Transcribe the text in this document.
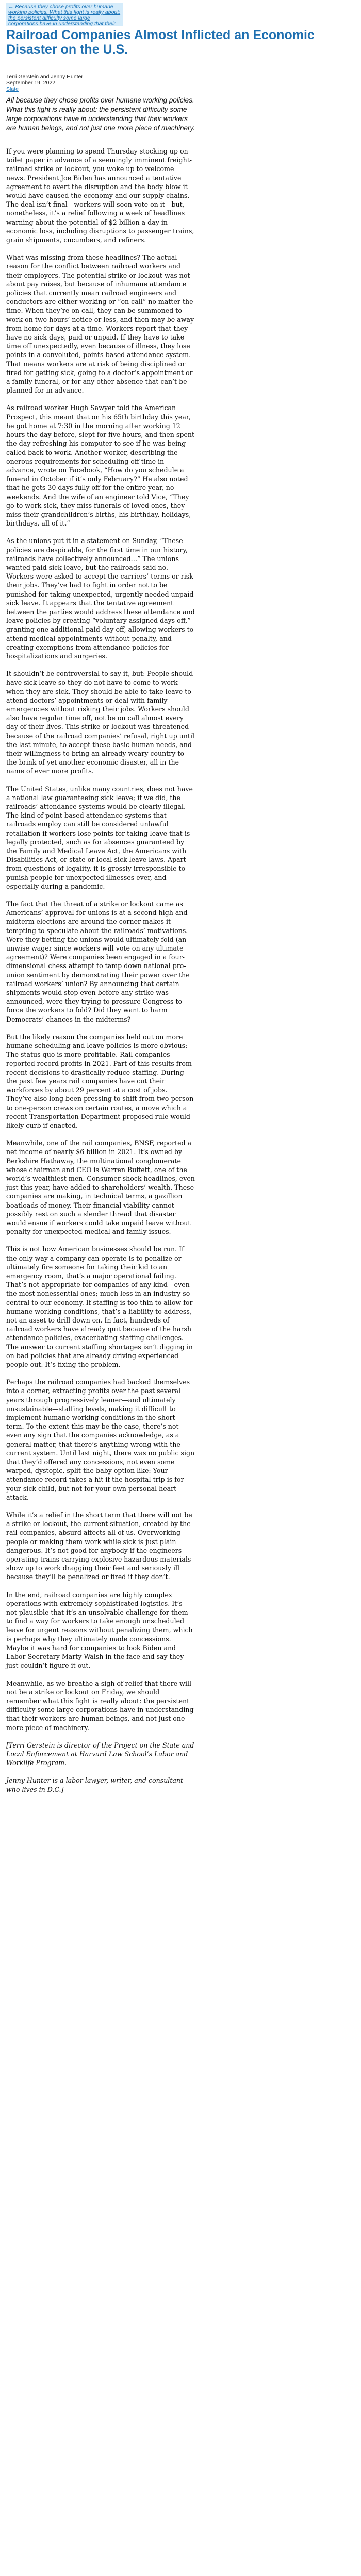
← Because they chose profits over humane working policies. What this fight is really about: the persistent difficulty some large corporations have in understanding that their
Railroad Companies Almost Inflicted an Economic Disaster on the U.S.
Terri Gerstein and Jenny Hunter
September 19, 2022
Slate
All because they chose profits over humane working policies. What this fight is really about: the persistent difficulty some large corporations have in understanding that their workers are human beings, and not just one more piece of machinery.

If you were planning to spend Thursday stocking up on toilet paper in advance of a seemingly imminent freight-railroad strike or lockout, you woke up to welcome news. President Joe Biden has announced a tentative agreement to avert the disruption and the body blow it would have caused the economy and our supply chains. The deal isn’t final—workers will soon vote on it—but, nonetheless, it’s a relief following a week of headlines warning about the potential of $2 billion a day in economic loss, including disruptions to passenger trains, grain shipments, cucumbers, and refiners.

What was missing from these headlines? The actual reason for the conflict between railroad workers and their employers. The potential strike or lockout was not about pay raises, but because of inhumane attendance policies that currently mean railroad engineers and conductors are either working or “on call” no matter the time. When they’re on call, they can be summoned to work on two hours’ notice or less, and then may be away from home for days at a time. Workers report that they have no sick days, paid or unpaid. If they have to take time off unexpectedly, even because of illness, they lose points in a convoluted, points-based attendance system. That means workers are at risk of being disciplined or fired for getting sick, going to a doctor’s appointment or a family funeral, or for any other absence that can’t be planned for in advance.

As railroad worker Hugh Sawyer told the American Prospect, this meant that on his 65th birthday this year, he got home at 7:30 in the morning after working 12 hours the day before, slept for five hours, and then spent the day refreshing his computer to see if he was being called back to work. Another worker, describing the onerous requirements for scheduling off-time in advance, wrote on Facebook, “How do you schedule a funeral in October if it’s only February?” He also noted that he gets 30 days fully off for the entire year, no weekends. And the wife of an engineer told Vice, “They go to work sick, they miss funerals of loved ones, they miss their grandchildren’s births, his birthday, holidays, birthdays, all of it.”

As the unions put it in a statement on Sunday, “These policies are despicable, for the first time in our history, railroads have collectively announced…” The unions wanted paid sick leave, but the railroads said no. Workers were asked to accept the carriers’ terms or risk their jobs. They’ve had to fight in order not to be punished for taking unexpected, urgently needed unpaid sick leave. It appears that the tentative agreement between the parties would address these attendance and leave policies by creating “voluntary assigned days off,” granting one additional paid day off, allowing workers to attend medical appointments without penalty, and creating exemptions from attendance policies for hospitalizations and surgeries.

It shouldn’t be controversial to say it, but: People should have sick leave so they do not have to come to work when they are sick. They should be able to take leave to attend doctors’ appointments or deal with family emergencies without risking their jobs. Workers should also have regular time off, not be on call almost every day of their lives. This strike or lockout was threatened because of the railroad companies’ refusal, right up until the last minute, to accept these basic human needs, and their willingness to bring an already weary country to the brink of yet another economic disaster, all in the name of ever more profits.

The United States, unlike many countries, does not have a national law guaranteeing sick leave; if we did, the railroads’ attendance systems would be clearly illegal. The kind of point-based attendance systems that railroads employ can still be considered unlawful retaliation if workers lose points for taking leave that is legally protected, such as for absences guaranteed by the Family and Medical Leave Act, the Americans with Disabilities Act, or state or local sick-leave laws. Apart from questions of legality, it is grossly irresponsible to punish people for unexpected illnesses ever, and especially during a pandemic.

The fact that the threat of a strike or lockout came as Americans’ approval for unions is at a second high and midterm elections are around the corner makes it tempting to speculate about the railroads’ motivations. Were they betting the unions would ultimately fold (an unwise wager since workers will vote on any ultimate agreement)? Were companies been engaged in a four-dimensional chess attempt to tamp down national pro-union sentiment by demonstrating their power over the railroad workers’ union? By announcing that certain shipments would stop even before any strike was announced, were they trying to pressure Congress to force the workers to fold? Did they want to harm Democrats’ chances in the midterms?

But the likely reason the companies held out on more humane scheduling and leave policies is more obvious: The status quo is more profitable. Rail companies reported record profits in 2021. Part of this results from recent decisions to drastically reduce staffing. During the past few years rail companies have cut their workforces by about 29 percent at a cost of jobs. They’ve also long been pressing to shift from two-person to one-person crews on certain routes, a move which a recent Transportation Department proposed rule would likely curb if enacted.

Meanwhile, one of the rail companies, BNSF, reported a net income of nearly $6 billion in 2021. It’s owned by Berkshire Hathaway, the multinational conglomerate whose chairman and CEO is Warren Buffett, one of the world’s wealthiest men. Consumer shock headlines, even just this year, have added to shareholders’ wealth. These companies are making, in technical terms, a gazillion boatloads of money. Their financial viability cannot possibly rest on such a slender thread that disaster would ensue if workers could take unpaid leave without penalty for unexpected medical and family issues.

This is not how American businesses should be run. If the only way a company can operate is to penalize or ultimately fire someone for taking their kid to an emergency room, that’s a major operational failing. That’s not appropriate for companies of any kind—even the most nonessential ones; much less in an industry so central to our economy. If staffing is too thin to allow for humane working conditions, that’s a liability to address, not an asset to drill down on. In fact, hundreds of railroad workers have already quit because of the harsh attendance policies, exacerbating staffing challenges. The answer to current staffing shortages isn’t digging in on bad policies that are already driving experienced people out. It’s fixing the problem.

Perhaps the railroad companies had backed themselves into a corner, extracting profits over the past several years through progressively leaner—and ultimately unsustainable—staffing levels, making it difficult to implement humane working conditions in the short term. To the extent this may be the case, there’s not even any sign that the companies acknowledge, as a general matter, that there’s anything wrong with the current system. Until last night, there was no public sign that they’d offered any concessions, not even some warped, dystopic, split-the-baby option like: Your attendance record takes a hit if the hospital trip is for your sick child, but not for your own personal heart attack.

While it’s a relief in the short term that there will not be a strike or lockout, the current situation, created by the rail companies, absurd affects all of us. Overworking people or making them work while sick is just plain dangerous. It’s not good for anybody if the engineers operating trains carrying explosive hazardous materials show up to work dragging their feet and seriously ill because they’ll be penalized or fired if they don’t.

In the end, railroad companies are highly complex operations with extremely sophisticated logistics. It’s not plausible that it’s an unsolvable challenge for them to find a way for workers to take enough unscheduled leave for urgent reasons without penalizing them, which is perhaps why they ultimately made concessions. Maybe it was hard for companies to look Biden and Labor Secretary Marty Walsh in the face and say they just couldn’t figure it out.

Meanwhile, as we breathe a sigh of relief that there will not be a strike or lockout on Friday, we should remember what this fight is really about: the persistent difficulty some large corporations have in understanding that their workers are human beings, and not just one more piece of machinery.

[Terri Gerstein is director of the Project on the State and Local Enforcement at Harvard Law School’s Labor and Worklife Program.

Jenny Hunter is a labor lawyer, writer, and consultant who lives in D.C.]
